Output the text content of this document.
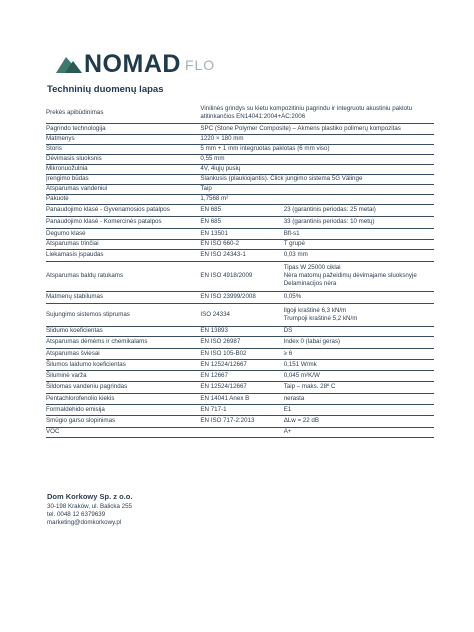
NOMAD FLO
Techninių duomenų lapas
Prekės apibūdinimas	Vinilinės grindys su kietu kompozitiniu pagrindu ir integruotu akustiniu paklotu atitinkančios EN14041:2004+AC:2006	
Pagrindo technologija	SPC (Stone Polymer Composite) – Akmens plastiko polimerų kompozitas	
Matmenys	1220 × 180 mm	
Storis	5 mm + 1 mm integruotas paklotas (6 mm viso)	
Dėvimasis sluoksnis	0,55 mm	
Mikronuožulnia	4V, 4iųjų pusių	
Įrengimo būdas	Slankusis (plaukiojantis). Click jungimo sistema 5G Välinge	
Atsparumas vandeniui	Taip	
Pakuotė	1,7568 m²	
Panaudojimo klasė - Gyvenamosios patalpos	EN 685	23 (garantinis periodas: 25 metai)
Panaudojimo klasė - Komercinės patalpos	EN 685	33 (garantinis periodas: 10 metų)
Degumo klasė	EN 13501	Bfl-s1
Atsparumas trinčiai	EN ISO 660-2	T grupė
Liekamasis įspaudas	EN ISO 24343-1	0,03 mm
Atsparumas baldų ratukams	EN ISO 4918/2009	Tipas W 25000 ciklai
Nėra matomų pažeidimų dėvimajame sluoksnyje
Delaminacijos nėra
Matmenų stabilumas	EN ISO 23999/2008	0,05%
Sujungimo sistemos stiprumas	ISO 24334	Ilgoji kraštinė 6,3 kN/m
Trumpoji kraštinė 5,2 kN/m
Slidumo koeficientas	EN 13893	DS
Atsparumas dėmėms ir chemikalams	EN ISO 26987	Index 0 (labai geras)
Atsparumas šviesai	EN ISO 105-B02	≥ 6
Šilumos laidumo koeficientas	EN 12524/12667	0,151 W/mk
Šiluminė varža	EN 12667	0,045 m²K/W
Šildomas vandeniu pagrindas	EN 12524/12667	Taip – maks. 28º C
Pentachlorofenolio kiekis	EN 14041 Anex B	nerasta
Formaldehido emisija	EN 717-1	E1
Smūgio garso slopinimas	EN ISO 717-2:2013	ΔLw = 22 dB
VOC		A+
Dom Korkowy Sp. z o.o.
30-198 Kraków, ul. Balicka 255
tel. 0048 12 6379639
marketing@domkorkowy.pl
